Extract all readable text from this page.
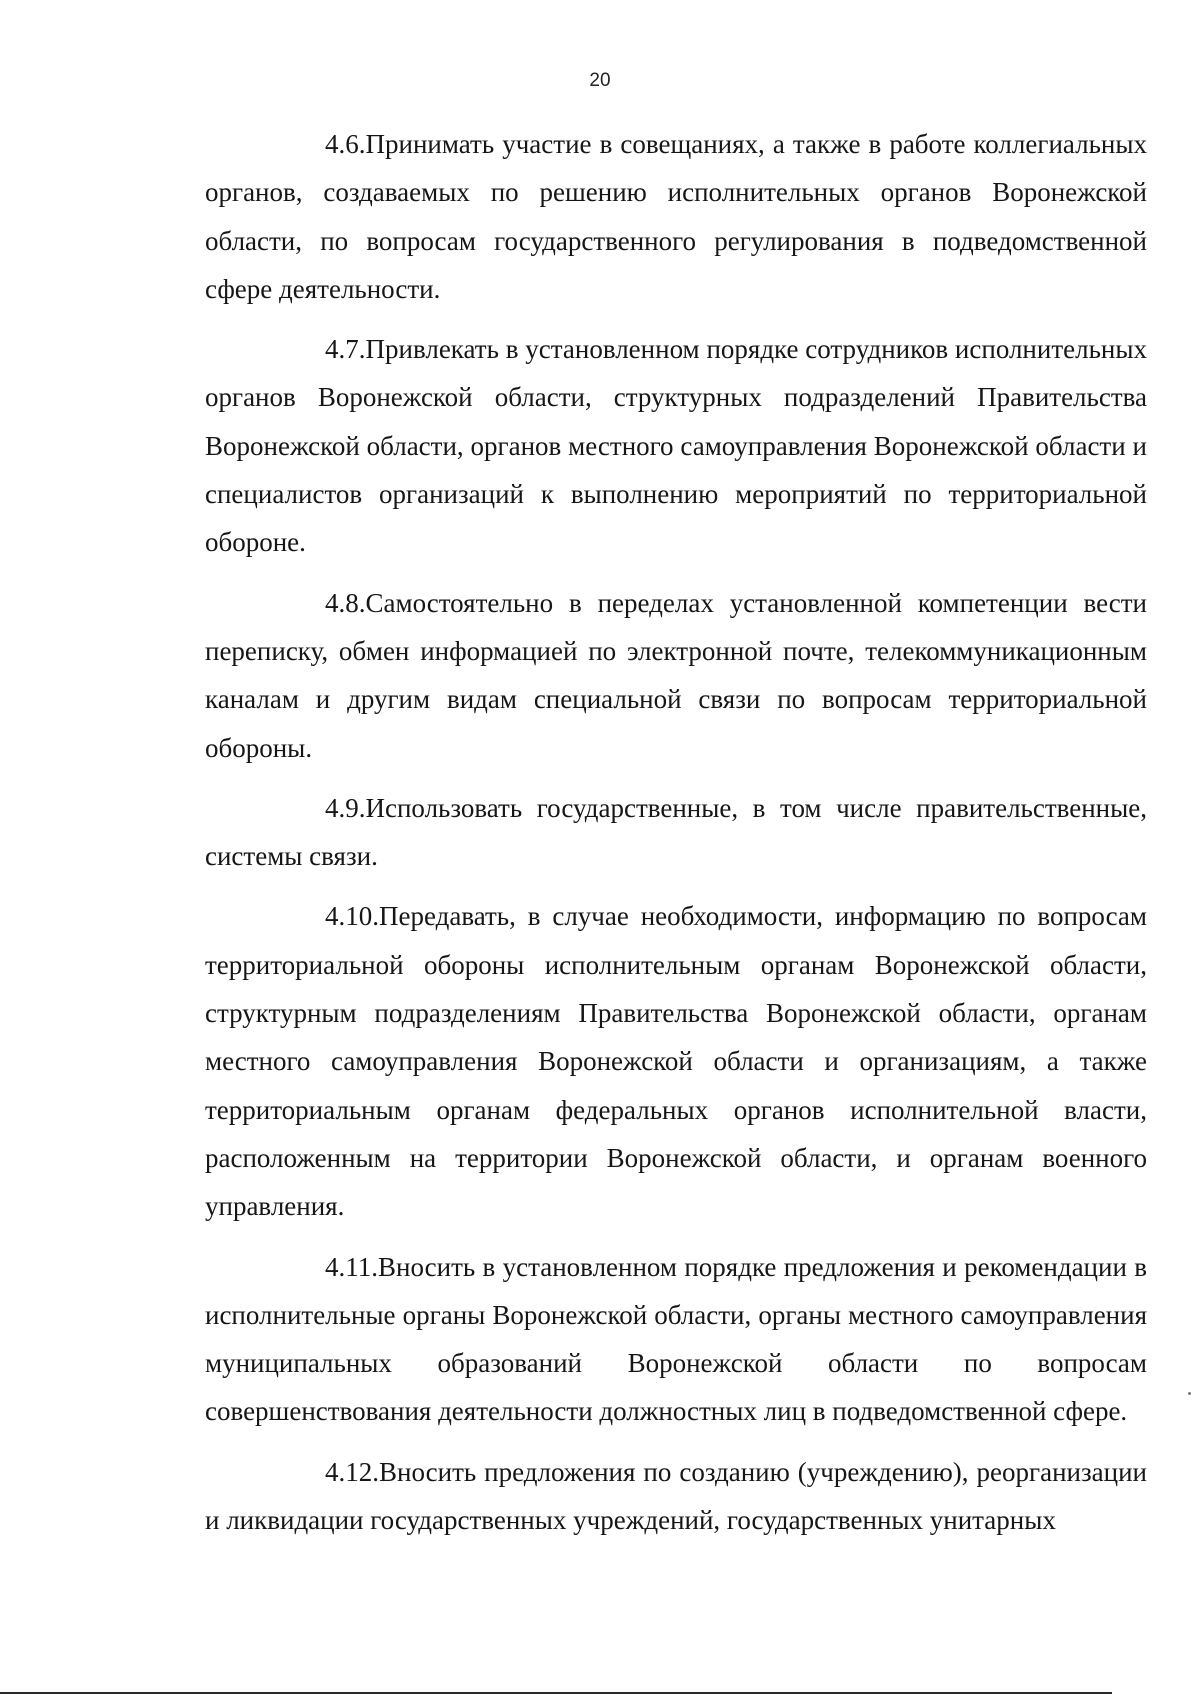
20

4.6.Принимать участие в совещаниях, а также в работе коллегиальных органов, создаваемых по решению исполнительных органов Воронежской области, по вопросам государственного регулирования в подведомственной сфере деятельности.

4.7.Привлекать в установленном порядке сотрудников исполнительных органов Воронежской области, структурных подразделений Правительства Воронежской области, органов местного самоуправления Воронежской области и специалистов организаций к выполнению мероприятий по территориальной обороне.

4.8.Самостоятельно в переделах установленной компетенции вести переписку, обмен информацией по электронной почте, телекоммуникационным каналам и другим видам специальной связи по вопросам территориальной обороны.

4.9.Использовать государственные, в том числе правительственные, системы связи.

4.10.Передавать, в случае необходимости, информацию по вопросам территориальной обороны исполнительным органам Воронежской области, структурным подразделениям Правительства Воронежской области, органам местного самоуправления Воронежской области и организациям, а также территориальным органам федеральных органов исполнительной власти, расположенным на территории Воронежской области, и органам военного управления.

4.11.Вносить в установленном порядке предложения и рекомендации в исполнительные органы Воронежской области, органы местного самоуправления муниципальных образований Воронежской области по вопросам совершенствования деятельности должностных лиц в подведомственной сфере.

4.12.Вносить предложения по созданию (учреждению), реорганизации и ликвидации государственных учреждений, государственных унитарных
